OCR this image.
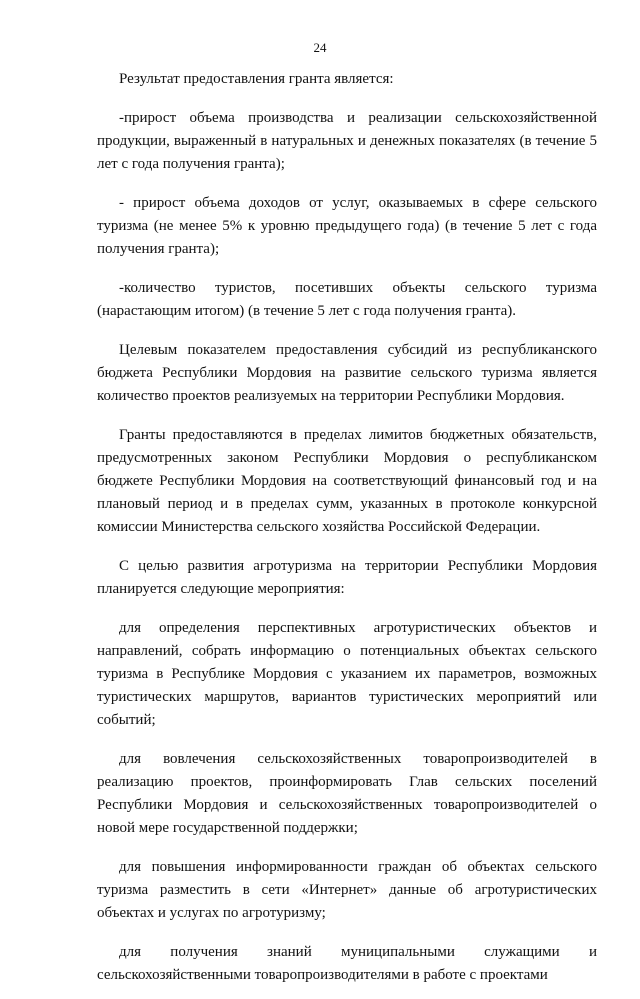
24

Результат предоставления гранта является:

-прирост объема производства и реализации сельскохозяйственной продукции, выраженный в натуральных и денежных показателях (в течение 5 лет с года получения гранта);

- прирост объема доходов от услуг, оказываемых в сфере сельского туризма (не менее 5% к уровню предыдущего года) (в течение 5 лет с года получения гранта);

-количество туристов, посетивших объекты сельского туризма (нарастающим итогом) (в течение 5 лет с года получения гранта).

Целевым показателем предоставления субсидий из республиканского бюджета Республики Мордовия на развитие сельского туризма является количество проектов реализуемых на территории Республики Мордовия.

Гранты предоставляются в пределах лимитов бюджетных обязательств, предусмотренных законом Республики Мордовия о республиканском бюджете Республики Мордовия на соответствующий финансовый год и на плановый период и в пределах сумм, указанных в протоколе конкурсной комиссии Министерства сельского хозяйства Российской Федерации.

С целью развития агротуризма на территории Республики Мордовия планируется следующие мероприятия:

для определения перспективных агротуристических объектов и направлений, собрать информацию о потенциальных объектах сельского туризма в Республике Мордовия с указанием их параметров, возможных туристических маршрутов, вариантов туристических мероприятий или событий;

для вовлечения сельскохозяйственных товаропроизводителей в реализацию проектов, проинформировать Глав сельских поселений Республики Мордовия и сельскохозяйственных товаропроизводителей о новой мере государственной поддержки;

для повышения информированности граждан об объектах сельского туризма разместить в сети «Интернет» данные об агротуристических объектах и услугах по агротуризму;

для получения знаний муниципальными служащими и сельскохозяйственными товаропроизводителями в работе с проектами
